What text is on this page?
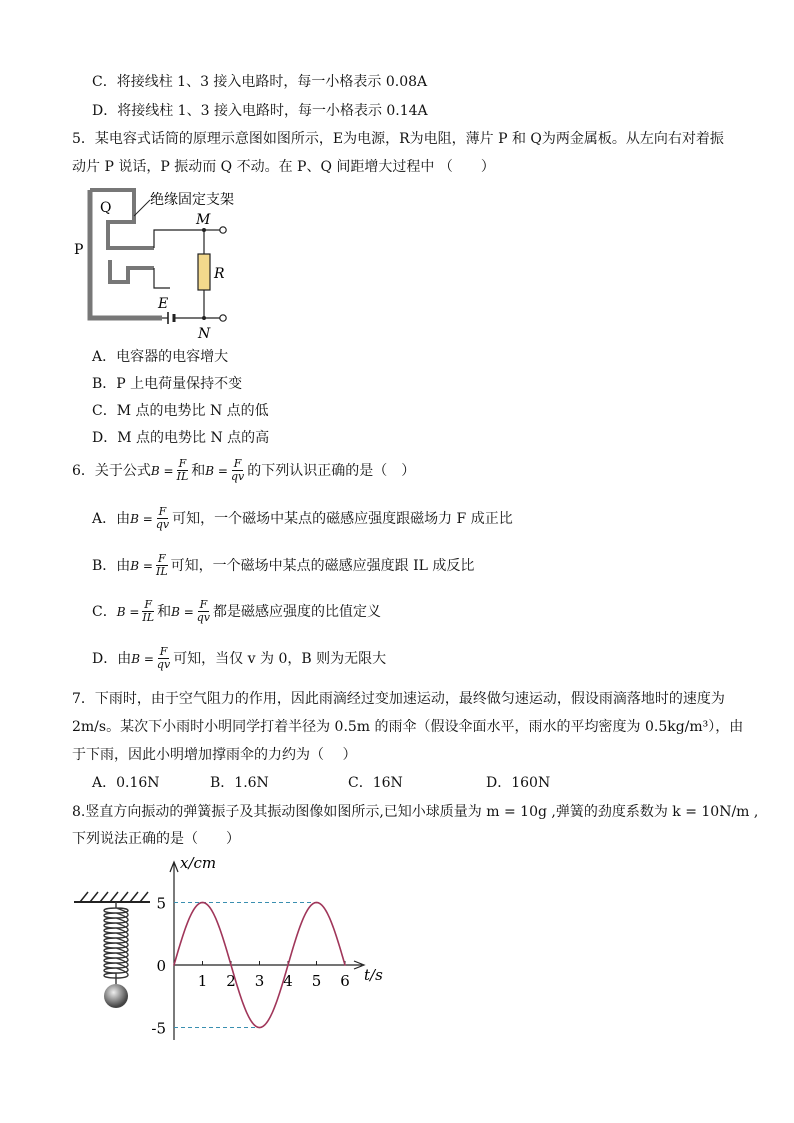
C．将接线柱 1、3 接入电路时，每一小格表示 0.08A
D．将接线柱 1、3 接入电路时，每一小格表示 0.14A
5．某电容式话筒的原理示意图如图所示，E为电源，R为电阻，薄片 P 和 Q为两金属板。从左向右对着振
动片 P 说话，P 振动而 Q 不动。在 P、Q 间距增大过程中 （　　）
Q
P
绝缘固定支架
M
R
E
N
A．电容器的电容增大
B．P 上电荷量保持不变
C．M 点的电势比 N 点的低
D．M 点的电势比 N 点的高
6．关于公式 $B = \frac{F}{IL}$ 和 $B = \frac{F}{qv}$ 的下列认识正确的是（　）
A．由 $B = \frac{F}{qv}$ 可知，一个磁场中某点的磁感应强度跟磁场力 F 成正比
B．由 $B = \frac{F}{IL}$ 可知，一个磁场中某点的磁感应强度跟 IL 成反比
C． $B = \frac{F}{IL}$ 和 $B = \frac{F}{qv}$ 都是磁感应强度的比值定义
D．由 $B = \frac{F}{qv}$ 可知，当仅 v 为 0，B 则为无限大
7．下雨时，由于空气阻力的作用，因此雨滴经过变加速运动，最终做匀速运动，假设雨滴落地时的速度为
2m/s。某次下小雨时小明同学打着半径为 0.5m 的雨伞（假设伞面水平，雨水的平均密度为 0.5kg/m³），由
于下雨，因此小明增加撑雨伞的力约为（　 ）
A．0.16N	B．1.6N	C．16N	D．160N
8.竖直方向振动的弹簧振子及其振动图像如图所示,已知小球质量为 m = 10g ,弹簧的劲度系数为 k = 10N/m ,
下列说法正确的是（　　）
1 2 3 4 5 6
5
0
-5
x/cm
t/s
